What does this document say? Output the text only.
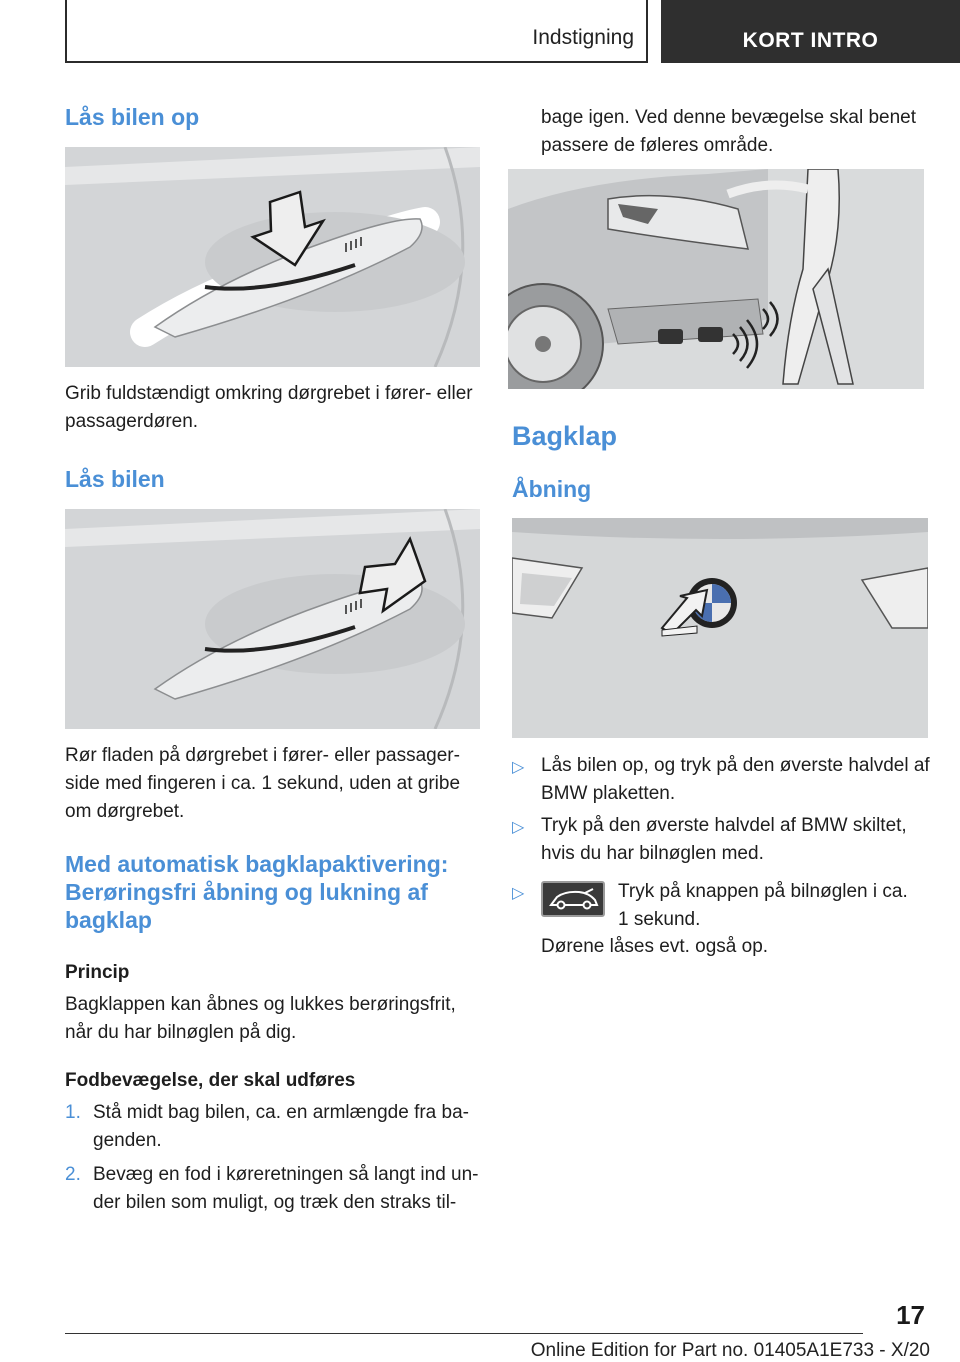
Indstigning	KORT INTRO
Lås bilen op
Grib fuldstændigt omkring dørgrebet i fører- eller
passagerdøren.
Lås bilen
Rør fladen på dørgrebet i fører- eller passager-
side med fingeren i ca. 1 sekund, uden at gribe
om dørgrebet.
Med automatisk bagklapaktivering:
Berøringsfri åbning og lukning af
bagklap
Princip
Bagklappen kan åbnes og lukkes berøringsfrit,
når du har bilnøglen på dig.
Fodbevægelse, der skal udføres
1. Stå midt bag bilen, ca. en armlængde fra ba-
genden.
2. Bevæg en fod i køreretningen så langt ind un-
der bilen som muligt, og træk den straks til-
bage igen. Ved denne bevægelse skal benet
passere de føleres område.
Bagklap
Åbning
▷ Lås bilen op, og tryk på den øverste halvdel af
BMW plaketten.
▷ Tryk på den øverste halvdel af BMW skiltet,
hvis du har bilnøglen med.
▷	Tryk på knappen på bilnøglen i ca.
1 sekund.
Dørene låses evt. også op.
17
Online Edition for Part no. 01405A1E733 - X/20
